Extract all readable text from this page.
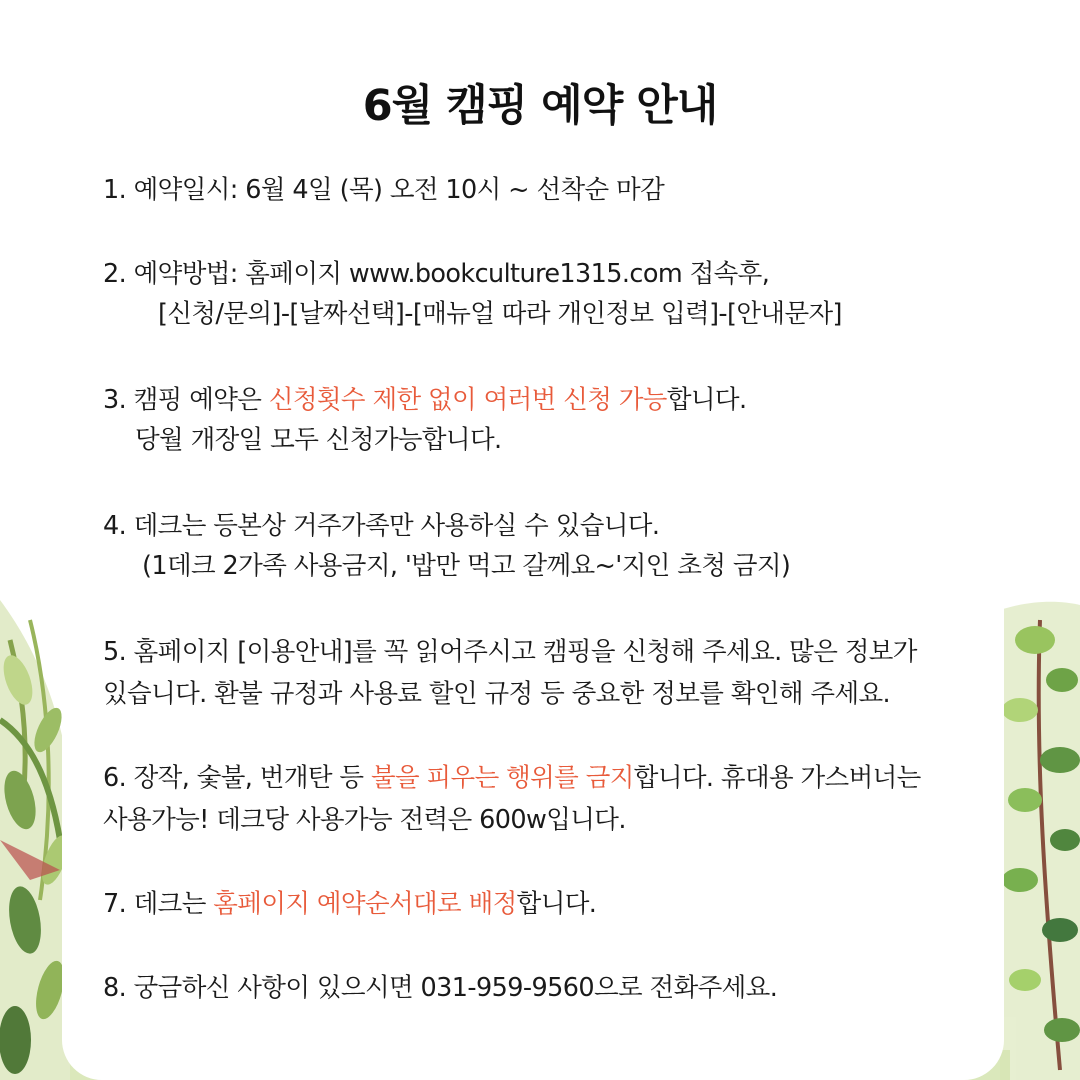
6월 캠핑 예약 안내
1. 예약일시: 6월 4일 (목) 오전 10시 ~ 선착순 마감
2. 예약방법: 홈페이지 www.bookculture1315.com 접속후,
[신청/문의]-[날짜선택]-[매뉴얼 따라 개인정보 입력]-[안내문자]
3. 캠핑 예약은 신청횟수 제한 없이 여러번 신청 가능합니다.
당월 개장일 모두 신청가능합니다.
4. 데크는 등본상 거주가족만 사용하실 수 있습니다.
(1데크 2가족 사용금지, '밥만 먹고 갈께요~'지인 초청 금지)
5. 홈페이지 [이용안내]를 꼭 읽어주시고 캠핑을 신청해 주세요. 많은 정보가
있습니다. 환불 규정과 사용료 할인 규정 등 중요한 정보를 확인해 주세요.
6. 장작, 숯불, 번개탄 등 불을 피우는 행위를 금지합니다. 휴대용 가스버너는
사용가능! 데크당 사용가능 전력은 600w입니다.
7. 데크는 홈페이지 예약순서대로 배정합니다.
8. 궁금하신 사항이 있으시면 031-959-9560으로 전화주세요.
